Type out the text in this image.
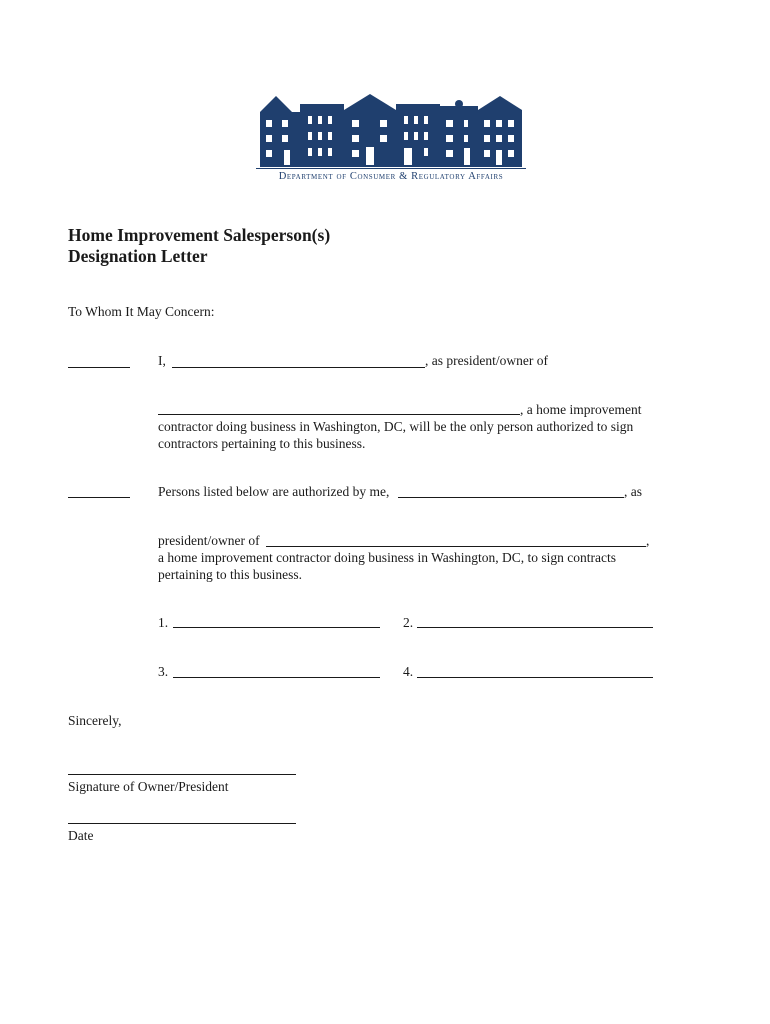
Department of Consumer & Regulatory Affairs
Home Improvement Salesperson(s)
Designation Letter
To Whom It May Concern:
I,	, as president/owner of
, a home improvement
contractor doing business in Washington, DC, will be the only person authorized to sign
contractors pertaining to this business.
Persons listed below are authorized by me,	, as
president/owner of	,
a home improvement contractor doing business in Washington, DC, to sign contracts
pertaining to this business.
1.	2.
3.	4.
Sincerely,
Signature of Owner/President
Date
